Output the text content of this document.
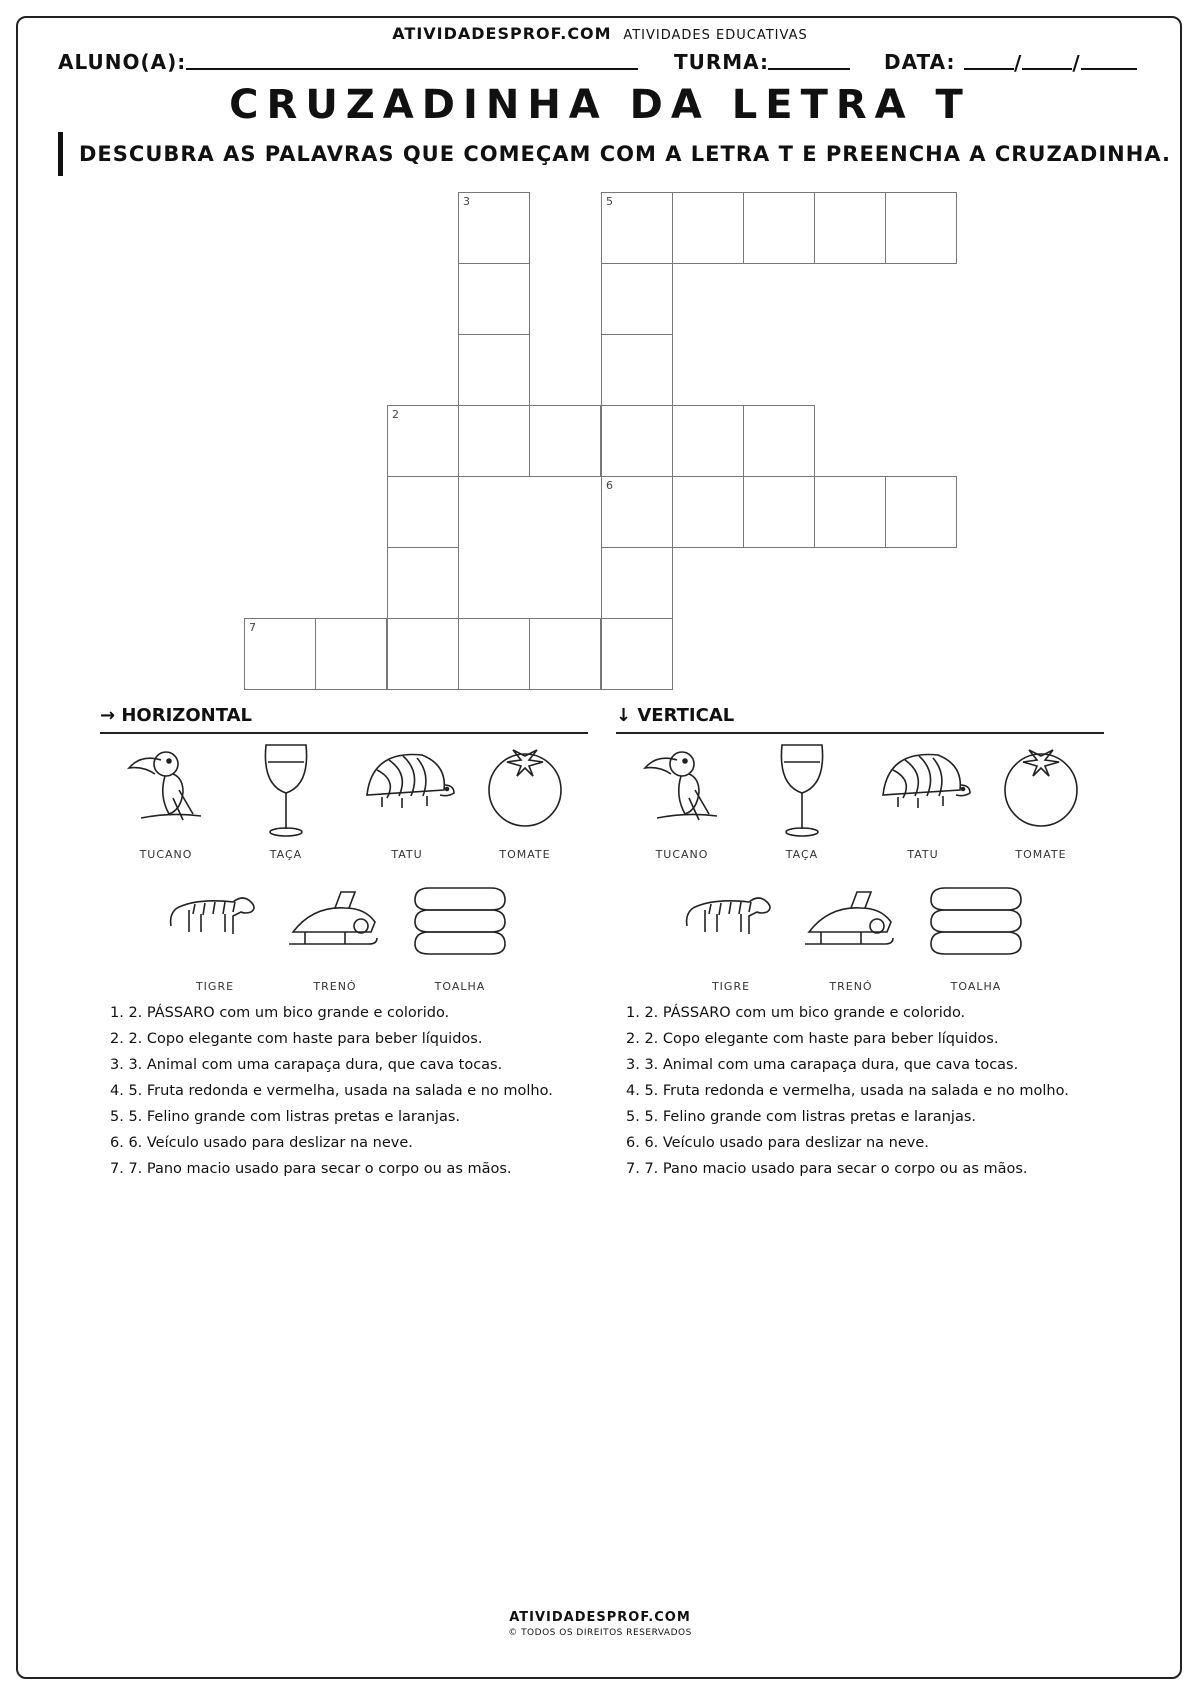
ATIVIDADESPROF.COM ATIVIDADES EDUCATIVAS
ALUNO(A):	TURMA:	DATA:	/	/
CRUZADINHA DA LETRA T
DESCUBRA AS PALAVRAS QUE COMEÇAM COM A LETRA T E PREENCHA A CRUZADINHA.
3	5
2
6
7
→ HORIZONTAL	↓ VERTICAL
TUCANO	TAÇA	TATU	TOMATE
TIGRE	TRENÓ	TOALHA
TUCANO	TAÇA	TATU	TOMATE
TIGRE	TRENÓ	TOALHA
1. 2. PÁSSARO com um bico grande e colorido.
2. 2. Copo elegante com haste para beber líquidos.
3. 3. Animal com uma carapaça dura, que cava tocas.
4. 5. Fruta redonda e vermelha, usada na salada e no molho.
5. 5. Felino grande com listras pretas e laranjas.
6. 6. Veículo usado para deslizar na neve.
7. 7. Pano macio usado para secar o corpo ou as mãos.
1. 2. PÁSSARO com um bico grande e colorido.
2. 2. Copo elegante com haste para beber líquidos.
3. 3. Animal com uma carapaça dura, que cava tocas.
4. 5. Fruta redonda e vermelha, usada na salada e no molho.
5. 5. Felino grande com listras pretas e laranjas.
6. 6. Veículo usado para deslizar na neve.
7. 7. Pano macio usado para secar o corpo ou as mãos.
ATIVIDADESPROF.COM
© TODOS OS DIREITOS RESERVADOS
